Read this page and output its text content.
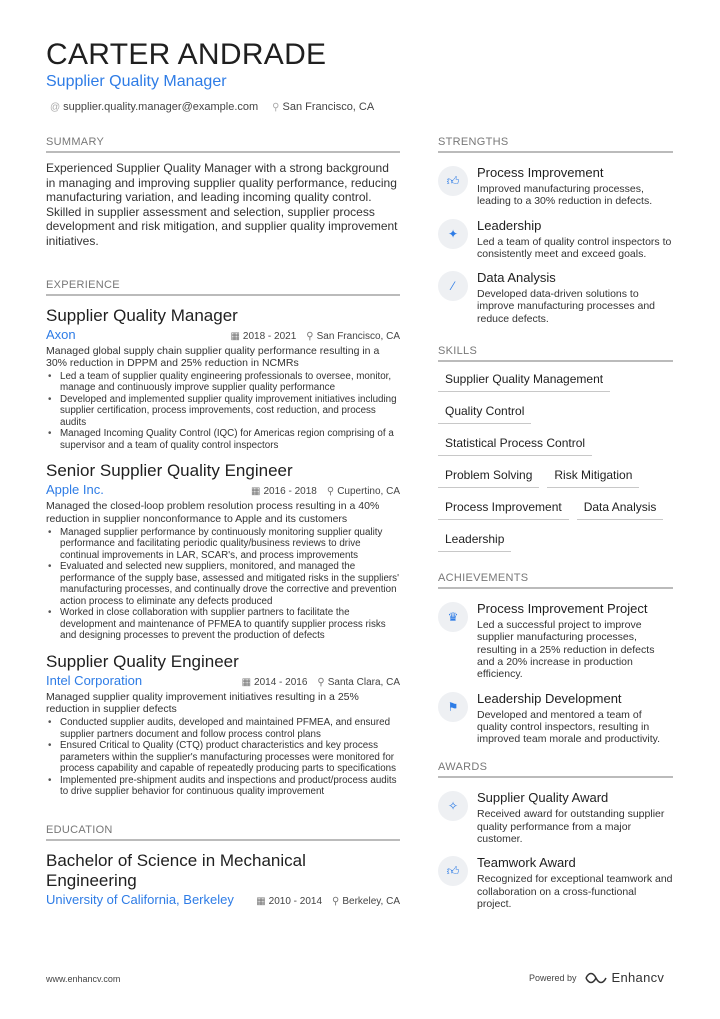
CARTER ANDRADE
Supplier Quality Manager
@ supplier.quality.manager@example.com ⚲ San Francisco, CA
SUMMARY
Experienced Supplier Quality Manager with a strong background in managing and improving supplier quality performance, reducing manufacturing variation, and leading incoming quality control. Skilled in supplier assessment and selection, supplier process development and risk mitigation, and supplier quality improvement initiatives.
EXPERIENCE
Supplier Quality Manager
Axon	▦ 2018 - 2021 ⚲ San Francisco, CA
Managed global supply chain supplier quality performance resulting in a 30% reduction in DPPM and 25% reduction in NCMRs
• Led a team of supplier quality engineering professionals to oversee, monitor, manage and continuously improve supplier quality performance
• Developed and implemented supplier quality improvement initiatives including supplier certification, process improvements, cost reduction, and process audits
• Managed Incoming Quality Control (IQC) for Americas region comprising of a supervisor and a team of quality control inspectors
Senior Supplier Quality Engineer
Apple Inc.	▦ 2016 - 2018 ⚲ Cupertino, CA
Managed the closed-loop problem resolution process resulting in a 40% reduction in supplier nonconformance to Apple and its customers
• Managed supplier performance by continuously monitoring supplier quality performance and facilitating periodic quality/business reviews to drive continual improvements in LAR, SCAR's, and process improvements
• Evaluated and selected new suppliers, monitored, and managed the performance of the supply base, assessed and mitigated risks in the suppliers' manufacturing processes, and continually drove the corrective and prevention action process to eliminate any defects produced
• Worked in close collaboration with supplier partners to facilitate the development and maintenance of PFMEA to quantify supplier process risks and designing processes to prevent the production of defects
Supplier Quality Engineer
Intel Corporation	▦ 2014 - 2016 ⚲ Santa Clara, CA
Managed supplier quality improvement initiatives resulting in a 25% reduction in supplier defects
• Conducted supplier audits, developed and maintained PFMEA, and ensured supplier partners document and follow process control plans
• Ensured Critical to Quality (CTQ) product characteristics and key process parameters within the supplier's manufacturing processes were monitored for process capability and capable of repeatedly producing parts to specifications
• Implemented pre-shipment audits and inspections and product/process audits to drive supplier behavior for continuous quality improvement
EDUCATION
Bachelor of Science in Mechanical Engineering
University of California, Berkeley ▦ 2010 - 2014 ⚲ Berkeley, CA
STRENGTHS
👍︎
Process Improvement
Improved manufacturing processes, leading to a 30% reduction in defects.
✦
Leadership
Led a team of quality control inspectors to consistently meet and exceed goals.
⁄
Data Analysis
Developed data-driven solutions to improve manufacturing processes and reduce defects.
SKILLS
Supplier Quality Management
Quality Control
Statistical Process Control
Problem Solving	Risk Mitigation
Process Improvement	Data Analysis
Leadership
ACHIEVEMENTS
♛
Process Improvement Project
Led a successful project to improve supplier manufacturing processes, resulting in a 25% reduction in defects and a 20% increase in production efficiency.
⚑
Leadership Development
Developed and mentored a team of quality control inspectors, resulting in improved team morale and productivity.
AWARDS
✧
Supplier Quality Award
Received award for outstanding supplier quality performance from a major customer.
👍︎
Teamwork Award
Recognized for exceptional teamwork and collaboration on a cross-functional project.
www.enhancv.com	Powered by	Enhancv
